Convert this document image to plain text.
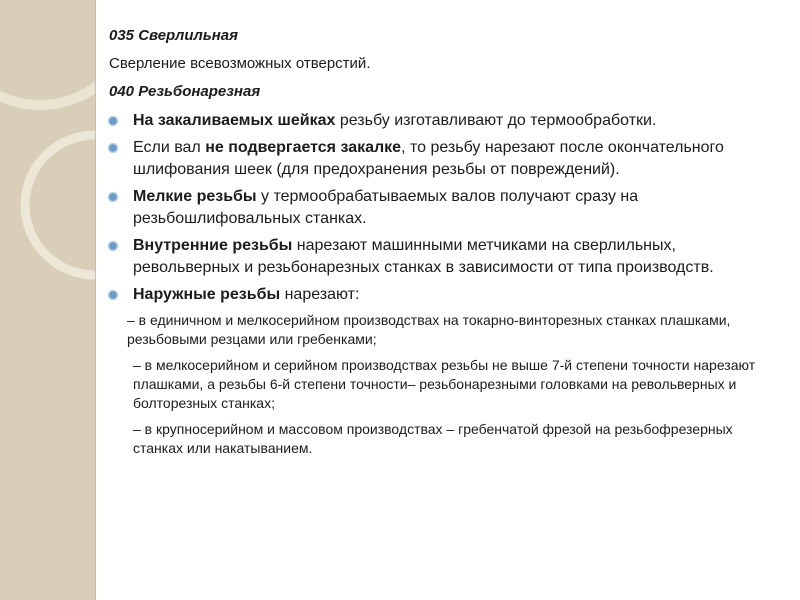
035 Сверлильная
Сверление всевозможных отверстий.
040 Резьбонарезная
На закаливаемых шейках резьбу изготавливают до термообработки.
Если вал не подвергается закалке, то резьбу нарезают после окончательного шлифования шеек (для предохранения резьбы от повреждений).
Мелкие резьбы у термообрабатываемых валов получают сразу на резьбошлифовальных станках.
Внутренние резьбы нарезают машинными метчиками на сверлильных, револьверных и резьбонарезных станках в зависимости от типа производств.
Наружные резьбы нарезают:
– в единичном и мелкосерийном производствах на токарно-винторезных станках плашками, резьбовыми резцами или гребенками;
– в мелкосерийном и серийном производствах резьбы не выше 7-й степени точности нарезают плашками, а резьбы 6-й степени точности– резьбонарезными головками на револьверных и болторезных станках;
– в крупносерийном и массовом производствах – гребенчатой фрезой на резьбофрезерных станках или накатыванием.
